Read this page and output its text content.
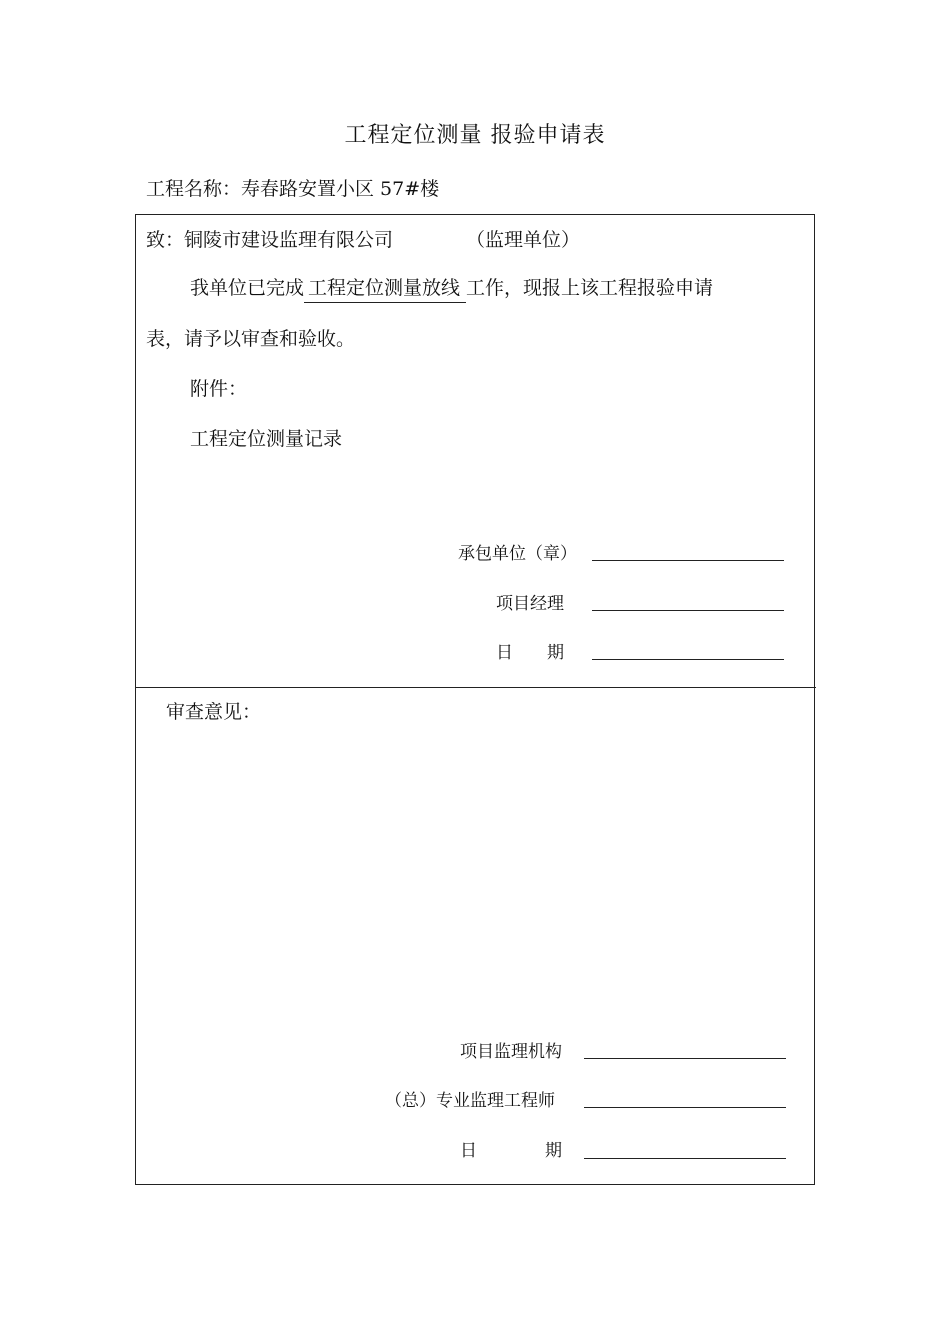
工程定位测量 报验申请表
工程名称：寿春路安置小区 57#楼
致：铜陵市建设监理有限公司	（监理单位）
我单位已完成 工程定位测量放线 工作，现报上该工程报验申请
表，请予以审查和验收。
附件：
工程定位测量记录
承包单位（章）
项目经理
日　　期
审查意见：
项目监理机构
（总）专业监理工程师
日　　　　期
